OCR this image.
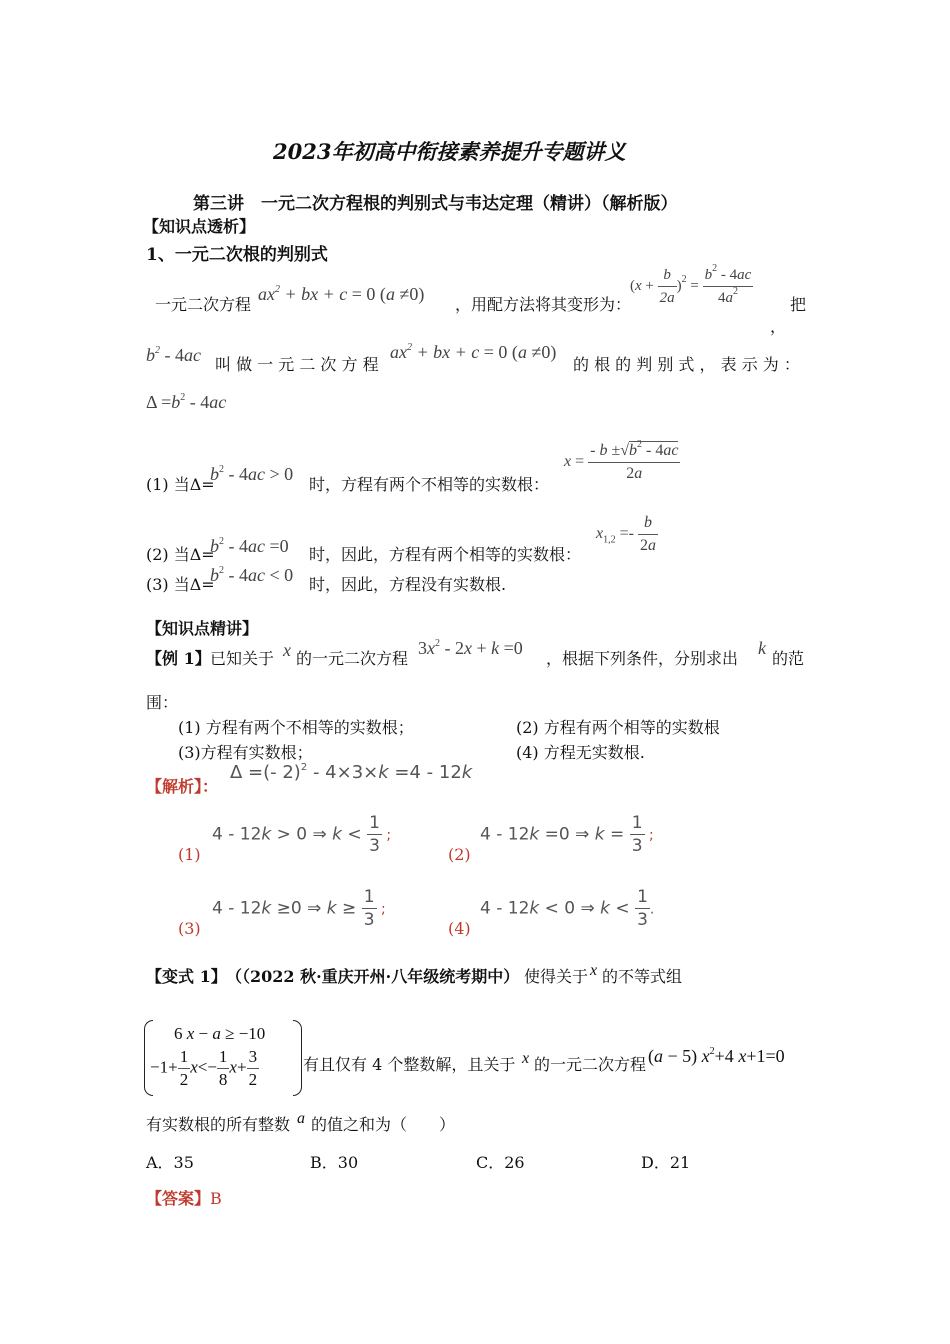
2023年初高中衔接素养提升专题讲义
第三讲　一元二次方程根的判别式与韦达定理（精讲）（解析版）
【知识点透析】
1、一元二次根的判别式
一元二次方程
$ax^2$ + bx + c = 0 (a ≠0)
，用配方法将其变形为：
$(x + \frac{b}{2a} )^2 = \frac{b^2 - 4ac}{4a^2}$ 把
，
$b^2 - 4ac$ 叫 做 一 元 二 次 方 程
$ax^2$ + bx + c = 0 (a ≠0)
的 根 的 判 别 式 ， 表 示 为 ：
$\Delta =b^2 - 4ac$
(1) 当Δ=
$b^2 - 4ac > 0$
时，方程有两个不相等的实数根：
$x = \frac{- b \pm√b^2 - 4ac}{2a}$
(2) 当Δ=
$b^2 - 4ac =0$ 时，因此，方程有两个相等的实数根：
$x_{1,2} =- \frac{b}{2a}$
(3) 当Δ=
$b^2 - 4ac < 0$ 时，因此，方程没有实数根.
【知识点精讲】
【例 1】 已知关于 x 的一元二次方程
$3x^2 - 2x + k =0$
，根据下列条件，分别求出
k
的范
围：
(1) 方程有两个不相等的实数根；	(2) 方程有两个相等的实数根
(3)方程有实数根；	(4) 方程无实数根.
【解析】：
Δ =(- 2)$^2$ - 4×3×k =4 - 12k
(1)
4 - 12k > 0 ⇒ $k < \frac{1}{3}$ ;
(2)
4 - 12k =0 ⇒ $k = \frac{1}{3}$ ;
(3)
4 - 12k ≥0 ⇒ $k \ge \frac{1}{3}$ ;
(4)
4 - 12k < 0 ⇒ $k < \frac{1}{3}$ .
【变式 1】 （（2022 秋·重庆开州·八年级统考期中） 使得关于 x 的不等式组
6 x − a ≥ −10
$-1+ \frac{1}{2} x<- \frac{1}{8} x+ \frac{3}{2}$	有且仅有 4 个整数解，且关于 x 的一元二次方程 (a − 5) $x^2+4$ x+1=0
有实数根的所有整数 a 的值之和为（　　）
A．35	B．30	C．26	D．21
【答案】B
